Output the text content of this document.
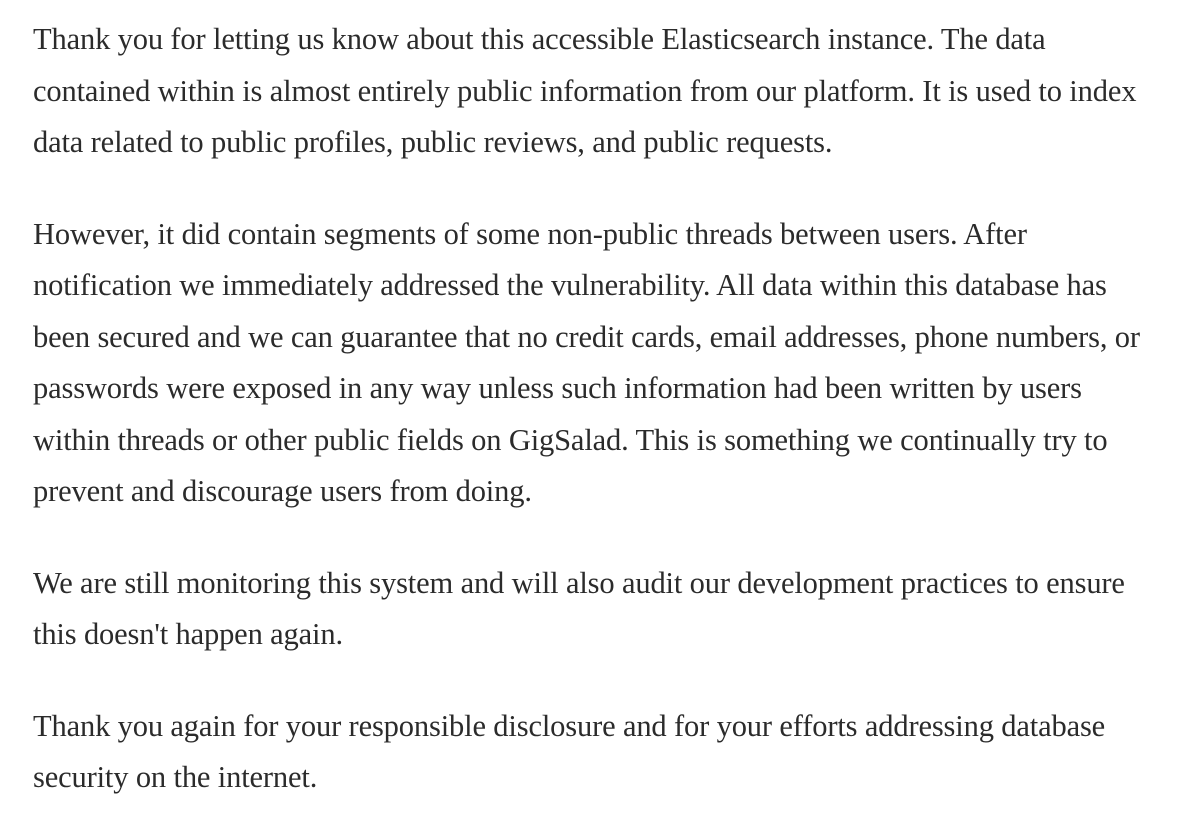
Thank you for letting us know about this accessible Elasticsearch instance. The data contained within is almost entirely public information from our platform. It is used to index data related to public profiles, public reviews, and public requests.

However, it did contain segments of some non-public threads between users. After notification we immediately addressed the vulnerability. All data within this database has been secured and we can guarantee that no credit cards, email addresses, phone numbers, or passwords were exposed in any way unless such information had been written by users within threads or other public fields on GigSalad. This is something we continually try to prevent and discourage users from doing.

We are still monitoring this system and will also audit our development practices to ensure this doesn't happen again.

Thank you again for your responsible disclosure and for your efforts addressing database security on the internet.
